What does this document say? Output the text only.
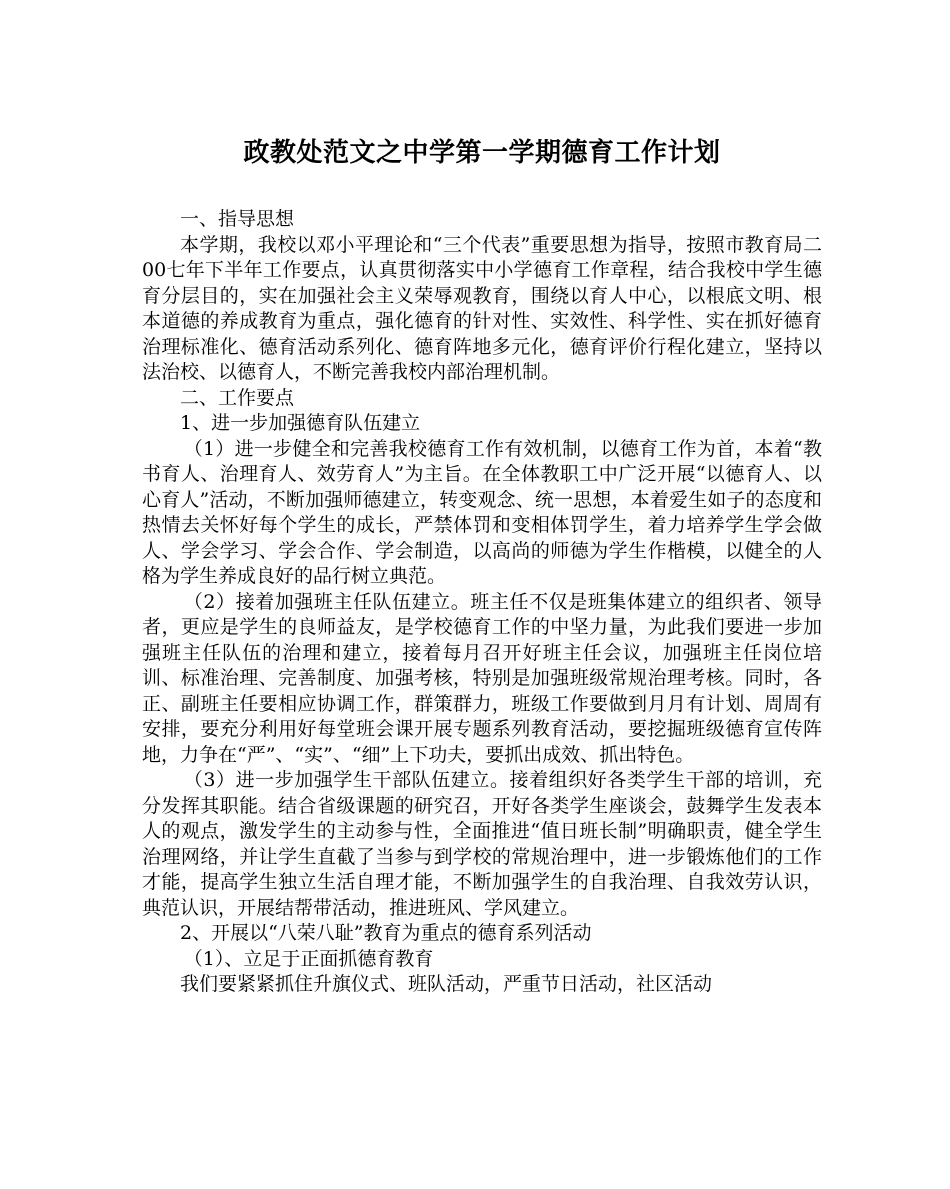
政教处范文之中学第一学期德育工作计划

一、指导思想

本学期，我校以邓小平理论和“三个代表”重要思想为指导，按照市教育局二00七年下半年工作要点，认真贯彻落实中小学德育工作章程，结合我校中学生德育分层目的，实在加强社会主义荣辱观教育，围绕以育人中心，以根底文明、根本道德的养成教育为重点，强化德育的针对性、实效性、科学性、实在抓好德育治理标准化、德育活动系列化、德育阵地多元化，德育评价行程化建立，坚持以法治校、以德育人，不断完善我校内部治理机制。

二、工作要点

1、进一步加强德育队伍建立

（1）进一步健全和完善我校德育工作有效机制，以德育工作为首，本着“教书育人、治理育人、效劳育人”为主旨。在全体教职工中广泛开展“以德育人、以心育人”活动，不断加强师德建立，转变观念、统一思想，本着爱生如子的态度和热情去关怀好每个学生的成长，严禁体罚和变相体罚学生，着力培养学生学会做人、学会学习、学会合作、学会制造，以高尚的师德为学生作楷模，以健全的人格为学生养成良好的品行树立典范。

（2）接着加强班主任队伍建立。班主任不仅是班集体建立的组织者、领导者，更应是学生的良师益友，是学校德育工作的中坚力量，为此我们要进一步加强班主任队伍的治理和建立，接着每月召开好班主任会议，加强班主任岗位培训、标准治理、完善制度、加强考核，特别是加强班级常规治理考核。同时，各正、副班主任要相应协调工作，群策群力，班级工作要做到月月有计划、周周有安排，要充分利用好每堂班会课开展专题系列教育活动，要挖掘班级德育宣传阵地，力争在“严”、“实”、“细”上下功夫，要抓出成效、抓出特色。

（3）进一步加强学生干部队伍建立。接着组织好各类学生干部的培训，充分发挥其职能。结合省级课题的研究召，开好各类学生座谈会，鼓舞学生发表本人的观点，激发学生的主动参与性，全面推进“值日班长制”明确职责，健全学生治理网络，并让学生直截了当参与到学校的常规治理中，进一步锻炼他们的工作才能，提高学生独立生活自理才能，不断加强学生的自我治理、自我效劳认识，典范认识，开展结帮带活动，推进班风、学风建立。

2、开展以“八荣八耻”教育为重点的德育系列活动

（1）、立足于正面抓德育教育

我们要紧紧抓住升旗仪式、班队活动，严重节日活动，社区活动
